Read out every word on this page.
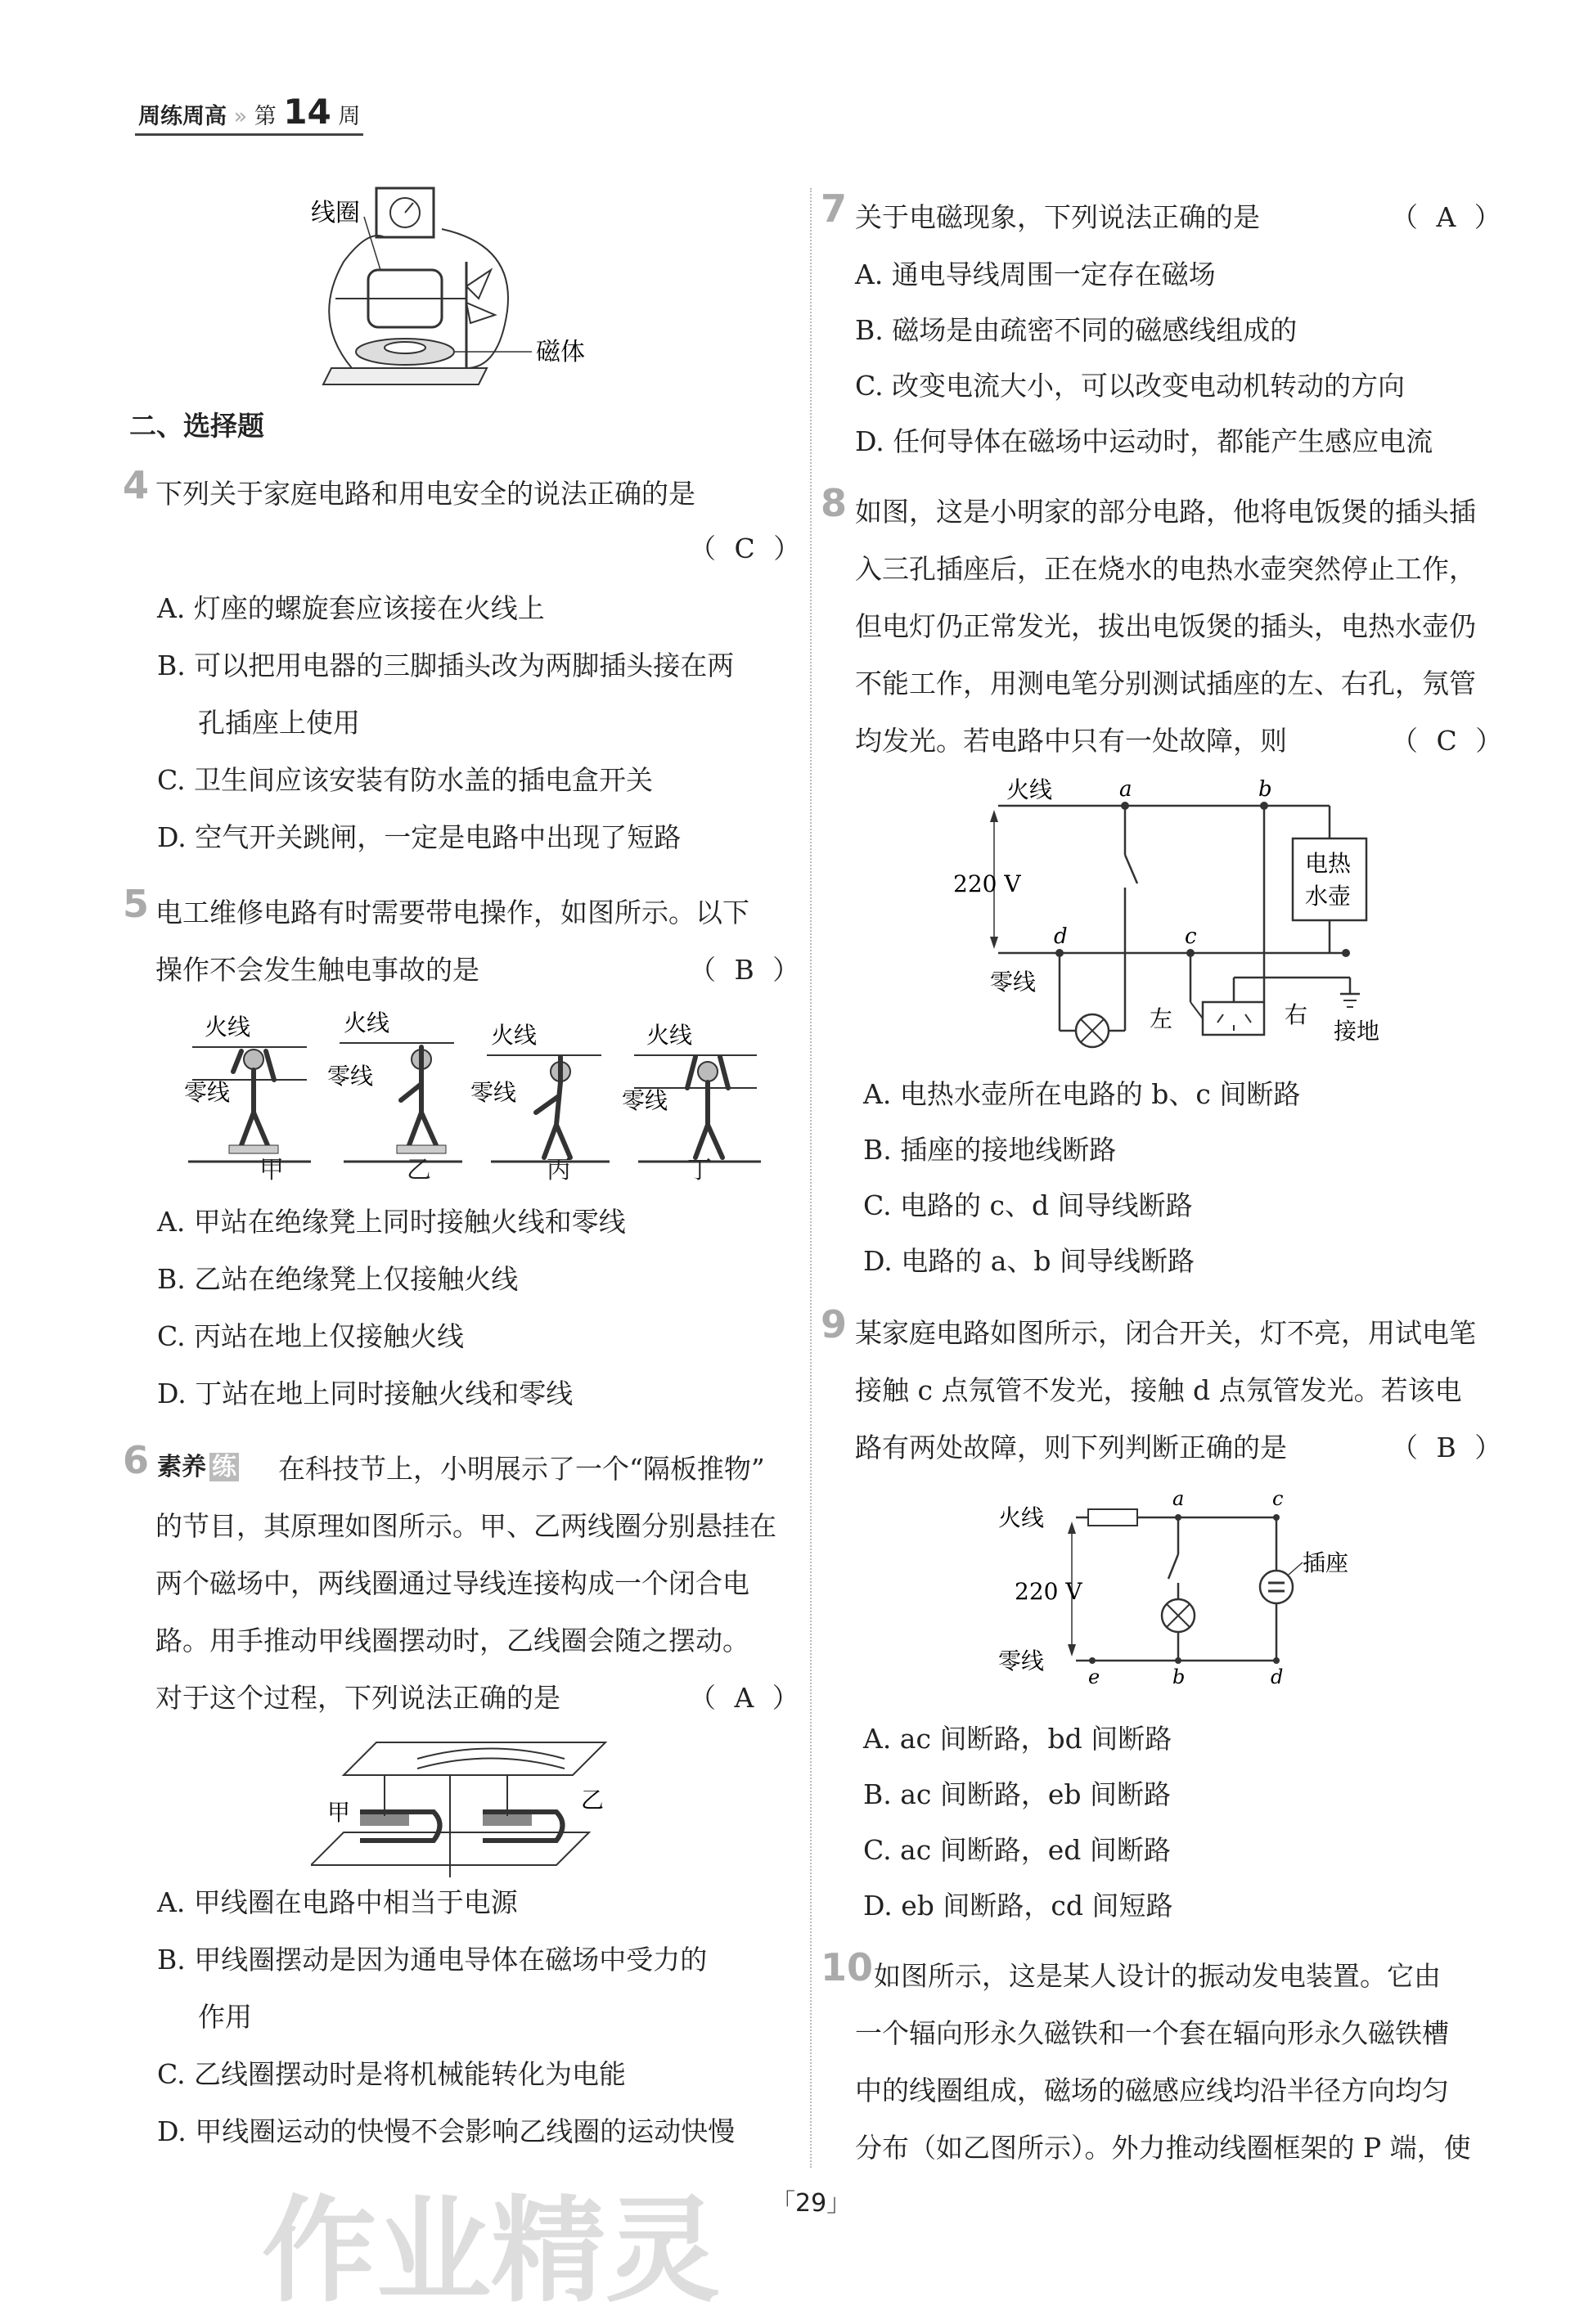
周练周高 » 第 14 周
线圈
磁体
二、选择题
4 下列关于家庭电路和用电安全的说法正确的是
（ C ）
A. 灯座的螺旋套应该接在火线上
B. 可以把用电器的三脚插头改为两脚插头接在两
孔插座上使用
C. 卫生间应该安装有防水盖的插电盒开关
D. 空气开关跳闸，一定是电路中出现了短路
5 电工维修电路有时需要带电操作，如图所示。以下
操作不会发生触电事故的是	（ B ）
火线
零线
火线
零线
火线
零线
火线
零线
甲	乙	丙	丁
A. 甲站在绝缘凳上同时接触火线和零线
B. 乙站在绝缘凳上仅接触火线
C. 丙站在地上仅接触火线
D. 丁站在地上同时接触火线和零线
6 素养 练 在科技节上，小明展示了一个“隔板推物”
的节目，其原理如图所示。甲、乙两线圈分别悬挂在
两个磁场中，两线圈通过导线连接构成一个闭合电
路。用手推动甲线圈摆动时，乙线圈会随之摆动。
对于这个过程，下列说法正确的是	（ A ）
甲	乙
A. 甲线圈在电路中相当于电源
B. 甲线圈摆动是因为通电导体在磁场中受力的
作用
C. 乙线圈摆动时是将机械能转化为电能
D. 甲线圈运动的快慢不会影响乙线圈的运动快慢
7 关于电磁现象，下列说法正确的是	（ A ）
A. 通电导线周围一定存在磁场
B. 磁场是由疏密不同的磁感线组成的
C. 改变电流大小，可以改变电动机转动的方向
D. 任何导体在磁场中运动时，都能产生感应电流
8 如图，这是小明家的部分电路，他将电饭煲的插头插
入三孔插座后，正在烧水的电热水壶突然停止工作，
但电灯仍正常发光，拔出电饭煲的插头，电热水壶仍
不能工作，用测电笔分别测试插座的左、右孔，氖管
均发光。若电路中只有一处故障，则	（ C ）
220 V
火线
零线
a	b
电热
水壶
d	c
左	右
接地
A. 电热水壶所在电路的 b、c 间断路
B. 插座的接地线断路
C. 电路的 c、d 间导线断路
D. 电路的 a、b 间导线断路
9 某家庭电路如图所示，闭合开关，灯不亮，用试电笔
接触 c 点氖管不发光，接触 d 点氖管发光。若该电
路有两处故障，则下列判断正确的是	（ B ）
火线
零线
220 V
a
b
c
d
e
插座
A. ac 间断路，bd 间断路
B. ac 间断路，eb 间断路
C. ac 间断路，ed 间断路
D. eb 间断路，cd 间短路
10 如图所示，这是某人设计的振动发电装置。它由
一个辐向形永久磁铁和一个套在辐向形永久磁铁槽
中的线圈组成，磁场的磁感应线均沿半径方向均匀
分布（如乙图所示）。外力推动线圈框架的 P 端，使
「29」
作业精灵
